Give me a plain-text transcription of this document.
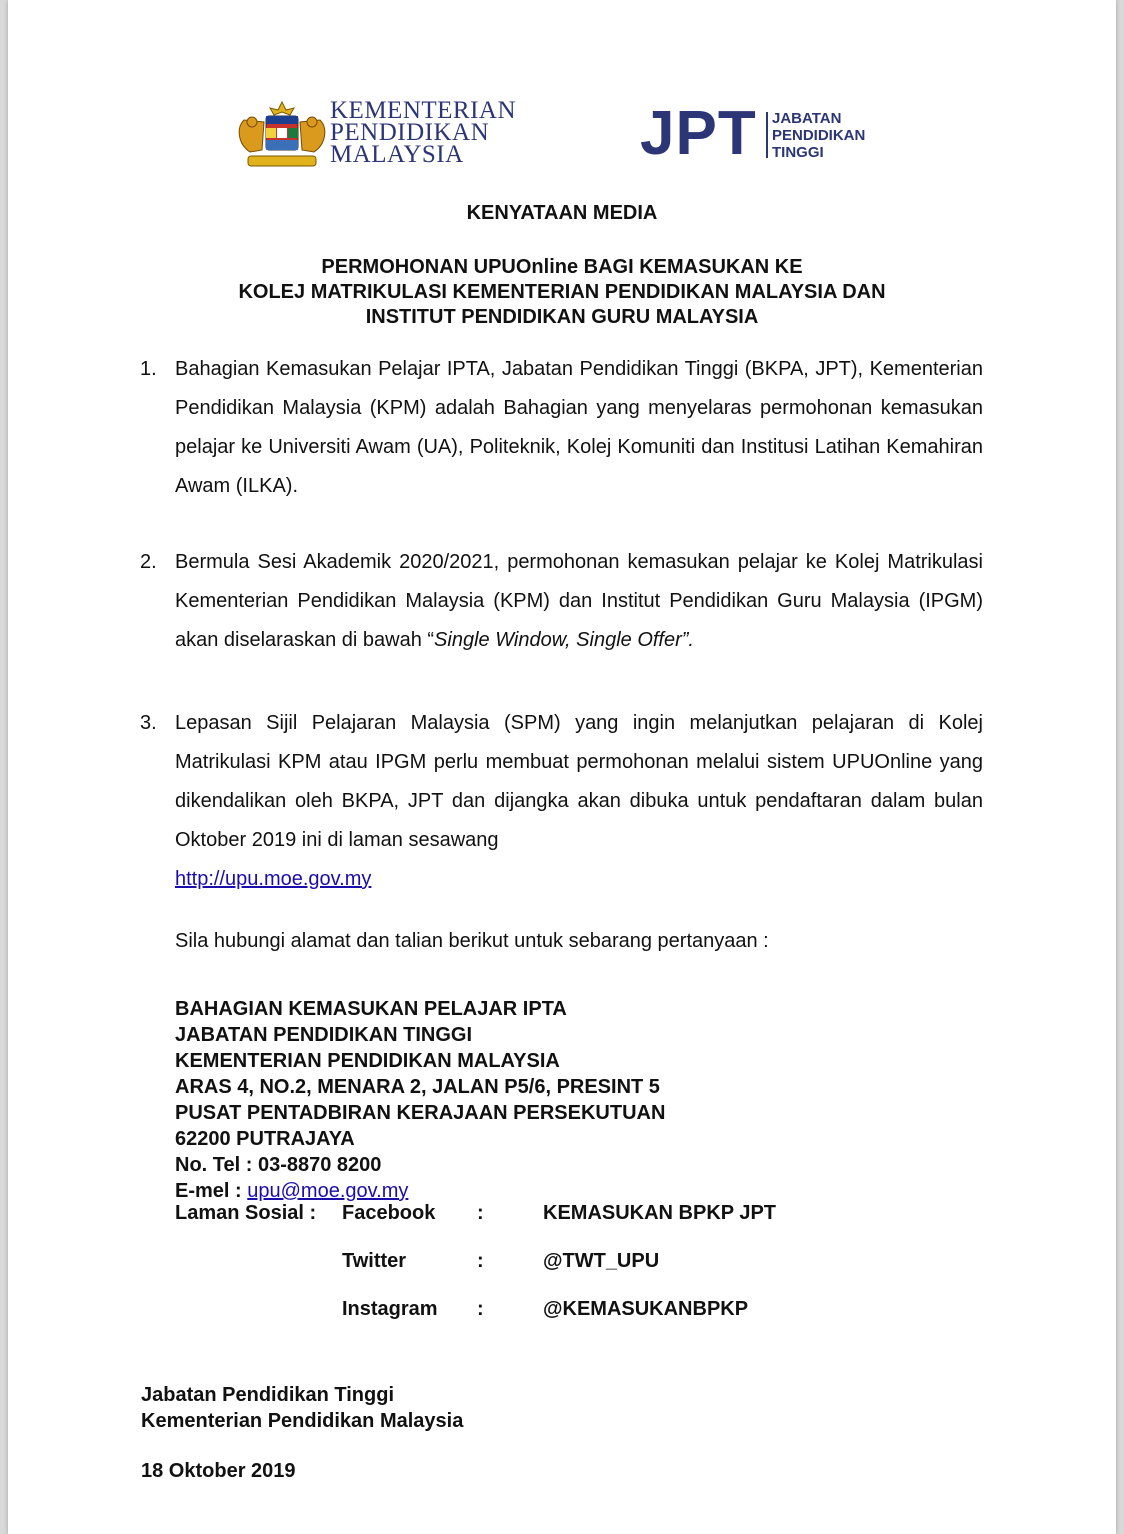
KEMENTERIAN
PENDIDIKAN
MALAYSIA	JPT JABATAN
PENDIDIKAN
TINGGI
KENYATAAN MEDIA
PERMOHONAN UPUOnline BAGI KEMASUKAN KE
KOLEJ MATRIKULASI KEMENTERIAN PENDIDIKAN MALAYSIA DAN
INSTITUT PENDIDIKAN GURU MALAYSIA
1. Bahagian Kemasukan Pelajar IPTA, Jabatan Pendidikan Tinggi (BKPA, JPT), Kementerian Pendidikan Malaysia (KPM) adalah Bahagian yang menyelaras permohonan kemasukan pelajar ke Universiti Awam (UA), Politeknik, Kolej Komuniti dan Institusi Latihan Kemahiran Awam (ILKA).
2. Bermula Sesi Akademik 2020/2021, permohonan kemasukan pelajar ke Kolej Matrikulasi Kementerian Pendidikan Malaysia (KPM) dan Institut Pendidikan Guru Malaysia (IPGM) akan diselaraskan di bawah “Single Window, Single Offer”.
3. Lepasan Sijil Pelajaran Malaysia (SPM) yang ingin melanjutkan pelajaran di Kolej Matrikulasi KPM atau IPGM perlu membuat permohonan melalui sistem UPUOnline yang dikendalikan oleh BKPA, JPT dan dijangka akan dibuka untuk pendaftaran dalam bulan Oktober 2019 ini di laman sesawang
http://upu.moe.gov.my
Sila hubungi alamat dan talian berikut untuk sebarang pertanyaan :
BAHAGIAN KEMASUKAN PELAJAR IPTA
JABATAN PENDIDIKAN TINGGI
KEMENTERIAN PENDIDIKAN MALAYSIA
ARAS 4, NO.2, MENARA 2, JALAN P5/6, PRESINT 5
PUSAT PENTADBIRAN KERAJAAN PERSEKUTUAN
62200 PUTRAJAYA
No. Tel : 03-8870 8200
E-mel : upu@moe.gov.my
Laman Sosial : Facebook :	KEMASUKAN BPKP JPT
Twitter	:	@TWT_UPU
Instagram :	@KEMASUKANBPKP
Jabatan Pendidikan Tinggi
Kementerian Pendidikan Malaysia
18 Oktober 2019
